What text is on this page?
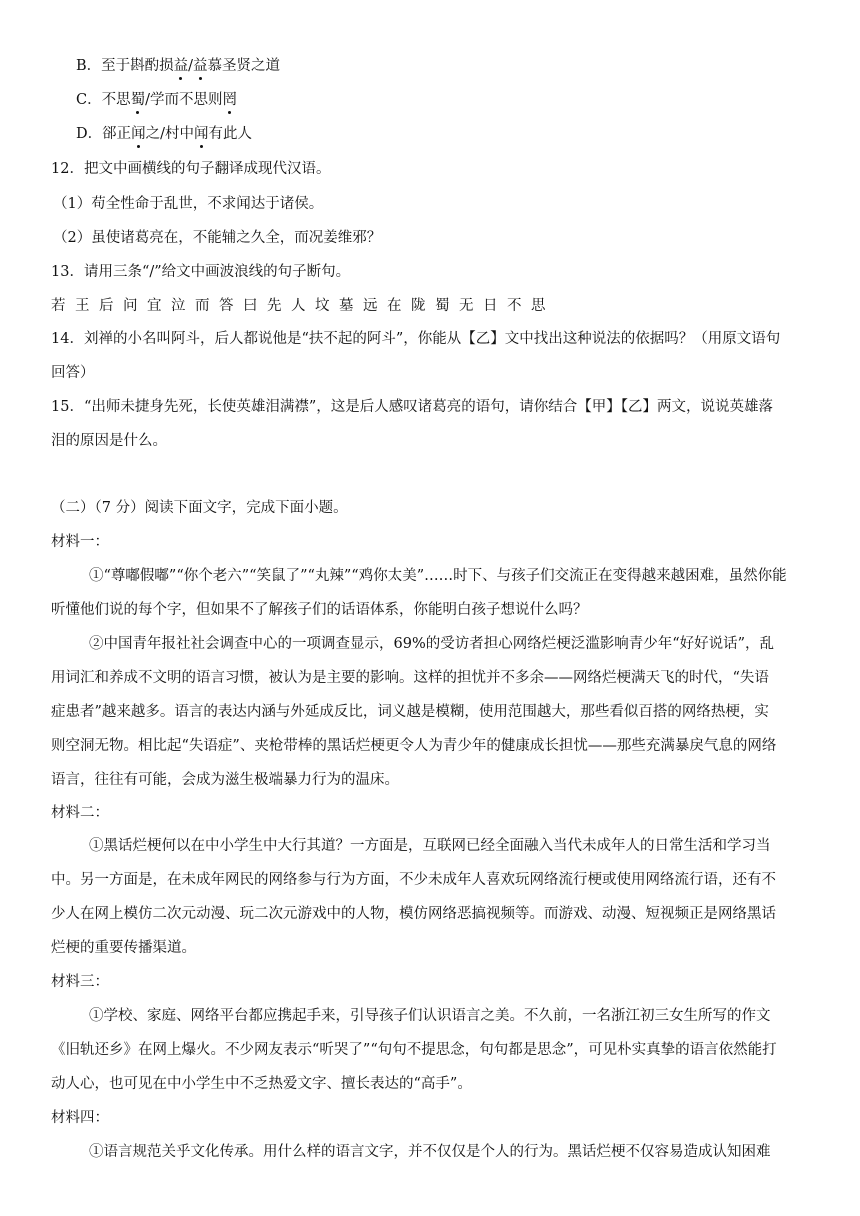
B．至于斟酌损益/益慕圣贤之道
C．不思蜀/学而不思则罔
D．郤正闻之/村中闻有此人
12．把文中画横线的句子翻译成现代汉语。
（1）苟全性命于乱世，不求闻达于诸侯。
（2）虽使诸葛亮在，不能辅之久全，而况姜维邪？
13．请用三条“/”给文中画波浪线的句子断句。
若王后问宜泣而答曰先人坟墓远在陇蜀无日不思
14．刘禅的小名叫阿斗，后人都说他是“扶不起的阿斗”，你能从【乙】文中找出这种说法的依据吗？（用原文语句
回答）
15．“出师未捷身先死，长使英雄泪满襟”，这是后人感叹诸葛亮的语句，请你结合【甲】【乙】两文，说说英雄落
泪的原因是什么。
（二）（7 分）阅读下面文字，完成下面小题。
材料一：
①“尊嘟假嘟”“你个老六”“笑鼠了”“丸辣”“鸡你太美”……时下、与孩子们交流正在变得越来越困难，虽然你能
听懂他们说的每个字，但如果不了解孩子们的话语体系，你能明白孩子想说什么吗？
②中国青年报社社会调查中心的一项调查显示，69%的受访者担心网络烂梗泛滥影响青少年“好好说话”，乱
用词汇和养成不文明的语言习惯，被认为是主要的影响。这样的担忧并不多余——网络烂梗满天飞的时代，“失语
症患者”越来越多。语言的表达内涵与外延成反比，词义越是模糊，使用范围越大，那些看似百搭的网络热梗，实
则空洞无物。相比起“失语症”、夹枪带棒的黑话烂梗更令人为青少年的健康成长担忧——那些充满暴戾气息的网络
语言，往往有可能，会成为滋生极端暴力行为的温床。
材料二：
①黑话烂梗何以在中小学生中大行其道？一方面是，互联网已经全面融入当代未成年人的日常生活和学习当
中。另一方面是，在未成年网民的网络参与行为方面，不少未成年人喜欢玩网络流行梗或使用网络流行语，还有不
少人在网上模仿二次元动漫、玩二次元游戏中的人物，模仿网络恶搞视频等。而游戏、动漫、短视频正是网络黑话
烂梗的重要传播渠道。
材料三：
①学校、家庭、网络平台都应携起手来，引导孩子们认识语言之美。不久前，一名浙江初三女生所写的作文
《旧轨还乡》在网上爆火。不少网友表示“听哭了”“句句不提思念，句句都是思念”，可见朴实真挚的语言依然能打
动人心，也可见在中小学生中不乏热爱文字、擅长表达的“高手”。
材料四：
①语言规范关乎文化传承。用什么样的语言文字，并不仅仅是个人的行为。黑话烂梗不仅容易造成认知困难
